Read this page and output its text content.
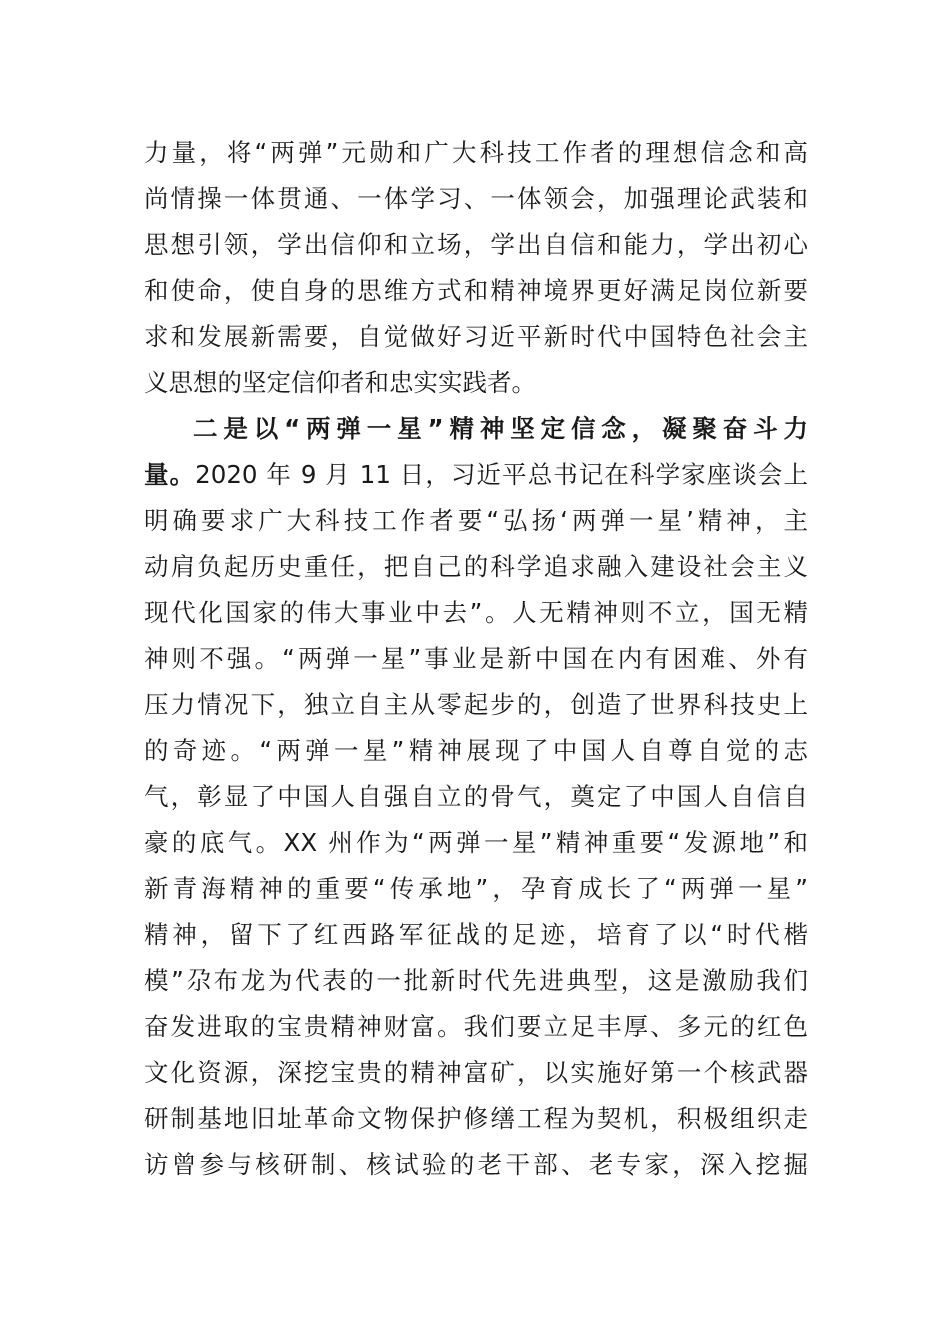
力量，将“两弹”元勋和广大科技工作者的理想信念和高
尚情操一体贯通、一体学习、一体领会，加强理论武装和
思想引领，学出信仰和立场，学出自信和能力，学出初心
和使命，使自身的思维方式和精神境界更好满足岗位新要
求和发展新需要，自觉做好习近平新时代中国特色社会主
义思想的坚定信仰者和忠实实践者。
二是以“两弹一星”精神坚定信念，凝聚奋斗力
量。2020 年 9 月 11 日，习近平总书记在科学家座谈会上
明确要求广大科技工作者要“弘扬‘两弹一星’精神，主
动肩负起历史重任，把自己的科学追求融入建设社会主义
现代化国家的伟大事业中去”。人无精神则不立，国无精
神则不强。“两弹一星”事业是新中国在内有困难、外有
压力情况下，独立自主从零起步的，创造了世界科技史上
的奇迹。“两弹一星”精神展现了中国人自尊自觉的志
气，彰显了中国人自强自立的骨气，奠定了中国人自信自
豪的底气。XX 州作为“两弹一星”精神重要“发源地”和
新青海精神的重要“传承地”，孕育成长了“两弹一星”
精神，留下了红西路军征战的足迹，培育了以“时代楷
模”尕布龙为代表的一批新时代先进典型，这是激励我们
奋发进取的宝贵精神财富。我们要立足丰厚、多元的红色
文化资源，深挖宝贵的精神富矿，以实施好第一个核武器
研制基地旧址革命文物保护修缮工程为契机，积极组织走
访曾参与核研制、核试验的老干部、老专家，深入挖掘
